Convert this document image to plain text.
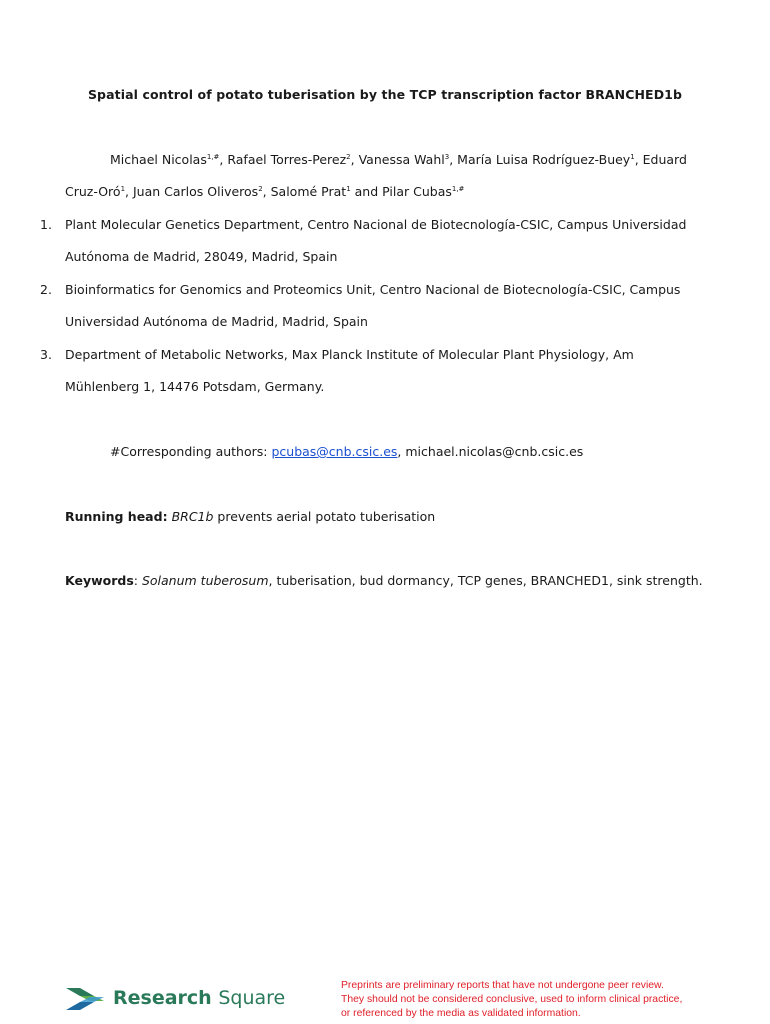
Spatial control of potato tuberisation by the TCP transcription factor BRANCHED1b
Michael Nicolas$^{1,\#}$, Rafael Torres-Perez$^2$, Vanessa Wahl$^3$, María Luisa Rodríguez-Buey$^1$, Eduard
Cruz-Oró$^1$, Juan Carlos Oliveros$^2$, Salomé Prat$^1$ and Pilar Cubas$^{1,\#}$
1. Plant Molecular Genetics Department, Centro Nacional de Biotecnología-CSIC, Campus Universidad
Autónoma de Madrid, 28049, Madrid, Spain
2. Bioinformatics for Genomics and Proteomics Unit, Centro Nacional de Biotecnología-CSIC, Campus
Universidad Autónoma de Madrid, Madrid, Spain
3. Department of Metabolic Networks, Max Planck Institute of Molecular Plant Physiology, Am
Mühlenberg 1, 14476 Potsdam, Germany.
#Corresponding authors: pcubas@cnb.csic.es, michael.nicolas@cnb.csic.es
Running head: BRC1b prevents aerial potato tuberisation
Keywords: Solanum tuberosum, tuberisation, bud dormancy, TCP genes, BRANCHED1, sink strength.
Research Square
Preprints are preliminary reports that have not undergone peer review.
They should not be considered conclusive, used to inform clinical practice,
or referenced by the media as validated information.
